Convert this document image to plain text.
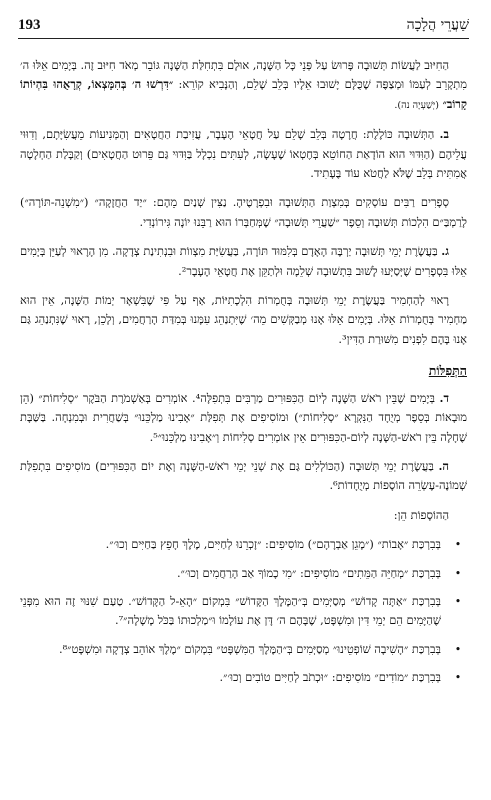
193	שַׁעֲרֵי הֲלָכָה

הַחִיּוּב לַעֲשׂוֹת תְּשׁוּבָה פָּרוּשׂ עַל פְּנֵי כָּל הַשָּׁנָה, אוּלָם בִּתְחִלַּת הַשָּׁנָה גּוֹבֵר מְאֹד חִיּוּב זֶה. בְּיָמִים אֵלּוּ ה׳ מִתְקָרֵב לְעַמּוֹ וּמְצַפֶּה שֶׁכֻּלָּם יָשׁוּבוּ אֵלָיו בְּלֵב שָׁלֵם, וְהַנָּבִיא קוֹרֵא: ״דִּרְשׁוּ ה׳ בְּהִמָּצְאוֹ, קְרָאֻהוּ בִּהְיוֹתוֹ קָרוֹב״ (יְשַׁעְיָה נה).

ב. הַתְּשׁוּבָה כּוֹלֶלֶת: חֲרָטָה בְּלֵב שָׁלֵם עַל חֲטָאֵי הֶעָבָר, עֲזִיבַת הַחֲטָאִים וְהַמְּנִיעוֹת מֵעֲשִׂיָּתָם, וְדִוּוּי עֲלֵיהֶם (הַוִּדּוּי הוּא הוֹדָאַת הַחוֹטֵא בְּחֶטְאוֹ שֶׁעָשָׂה, לְעִתִּים נִכְלָל בַּוִּדּוּי גַּם פֵּרוּט הַחֲטָאִים) וְקַבָּלַת הַחְלָטָה אֲמִתִּית בְּלֵב שֶׁלֹּא לַחֲטֹא עוֹד בֶּעָתִיד.

סְפָרִים רַבִּים עוֹסְקִים בְּמִצְוַת הַתְּשׁוּבָה וּבִפְרָטֶיהָ. נַצִּין שְׁנַיִם מֵהֶם: ״יַד הַחֲזָקָה״ (״מִשְׁנֵה-תּוֹרָה״) לָרַמְבַּ״ם הִלְכוֹת תְּשׁוּבָה וְסֵפֶר ״שַׁעֲרֵי תְּשׁוּבָה״ שֶׁמְּחַבְּרוֹ הוּא רַבֵּנוּ יוֹנָה גִּירוֹנְדִי.

ג. בַּעֲשֶׂרֶת יְמֵי תְּשׁוּבָה יַרְבֶּה הָאָדָם בְּלִמּוּד תּוֹרָה, בַּעֲשִׂיַּת מִצְווֹת וּבִנְתִינַת צְדָקָה. מִן הָרָאוּי לְעַיֵּן בְּיָמִים אֵלּוּ בִּסְפָרִים שֶׁיְּסַיְּעוּ לָשׁוּב בִּתְשׁוּבָה שְׁלֵמָה וּלְתַקֵּן אֶת חֲטָאֵי הֶעָבָר².

רָאוּי לְהַחְמִיר בַּעֲשֶׂרֶת יְמֵי תְּשׁוּבָה בְּחֻמְרוֹת הִלְכָתִיּוֹת, אַף עַל פִּי שֶׁבִּשְׁאָר יְמוֹת הַשָּׁנָה, אֵין הוּא מַחְמִיר בְּחֻמְרוֹת אֵלּוּ. בְּיָמִים אֵלּוּ אָנוּ מְבַקְּשִׁים מֵה׳ שֶׁיִּתְנַהֵג עִמָּנוּ בְּמִדַּת הָרַחֲמִים, וְלָכֵן, רָאוּי שֶׁנִּתְנַהֵג גַּם אָנוּ בָּהֶם לִפְנִים מִשּׁוּרַת הַדִּין³.

הַתְּפִלּוֹת

ד. בְּיָמִים שֶׁבֵּין רֹאשׁ הַשָּׁנָה לְיוֹם הַכִּפּוּרִים מַרְבִּים בִּתְפִלָּה⁴. אוֹמְרִים בְּאַשְׁמֹרֶת הַבֹּקֶר ״סְלִיחוֹת״ (הֵן מוּבָאוֹת בְּסֵפֶר מְיֻחָד הַנִּקְרָא ״סְלִיחוֹת״) וּמוֹסִיפִים אֶת תְּפִלַּת ״אָבִינוּ מַלְכֵּנוּ״ בְּשַׁחֲרִית וּבְמִנְחָה. בַּשַּׁבָּת שֶׁחָלָה בֵּין רֹאשׁ-הַשָּׁנָה לְיוֹם-הַכִּפּוּרִים אֵין אוֹמְרִים סְלִיחוֹת וְ״אָבִינוּ מַלְכֵּנוּ״⁵.

ה. בַּעֲשֶׂרֶת יְמֵי תְּשׁוּבָה (הַכּוֹלְלִים גַּם אֶת שְׁנֵי יְמֵי רֹאשׁ-הַשָּׁנָה וְאֶת יוֹם הַכִּפּוּרִים) מוֹסִיפִים בִּתְפִלַּת שְׁמוֹנֶה-עֶשְׂרֵה הוֹסָפוֹת מְיֻחָדוֹת⁶.

הַהוֹסָפוֹת הֵן:

•
בְּבִרְכַּת ״אָבוֹת״ (״מָגֵן אַבְרָהָם״) מוֹסִיפִים: ״זָכְרֵנוּ לְחַיִּים, מֶלֶךְ חָפֵץ בַּחַיִּים וְכוּ׳״.
•
בְּבִרְכַּת ״מְחַיֵּה הַמֵּתִים״ מוֹסִיפִים: ״מִי כָמוֹךָ אַב הָרַחֲמִים וְכוּ׳״.
•
בְּבִרְכַּת ״אַתָּה קָדוֹשׁ״ מְסַיְּמִים בְּ״הַמֶּלֶךְ הַקָּדוֹשׁ״ בִּמְקוֹם ״הָאֵ-ל הַקָּדוֹשׁ״. טַעַם שִׁנּוּי זֶה הוּא מִפְּנֵי שֶׁהַיָּמִים הֵם יְמֵי דִּין וּמִשְׁפָּט, שֶׁבָּהֶם ה׳ דָּן אֶת עוֹלָמוֹ וּ״מַלְכוּתוֹ בַּכֹּל מָשָׁלָה״⁷.
•
בְּבִרְכַּת ״הָשִׁיבָה שׁוֹפְטֵינוּ״ מְסַיְּמִים בְּ״הַמֶּלֶךְ הַמִּשְׁפָּט״ בִּמְקוֹם ״מֶלֶךְ אוֹהֵב צְדָקָה וּמִשְׁפָּט״⁸.
•
בְּבִרְכַּת ״מוֹדִים״ מוֹסִיפִים: ״וּכְתֹב לְחַיִּים טוֹבִים וְכוּ׳״.
